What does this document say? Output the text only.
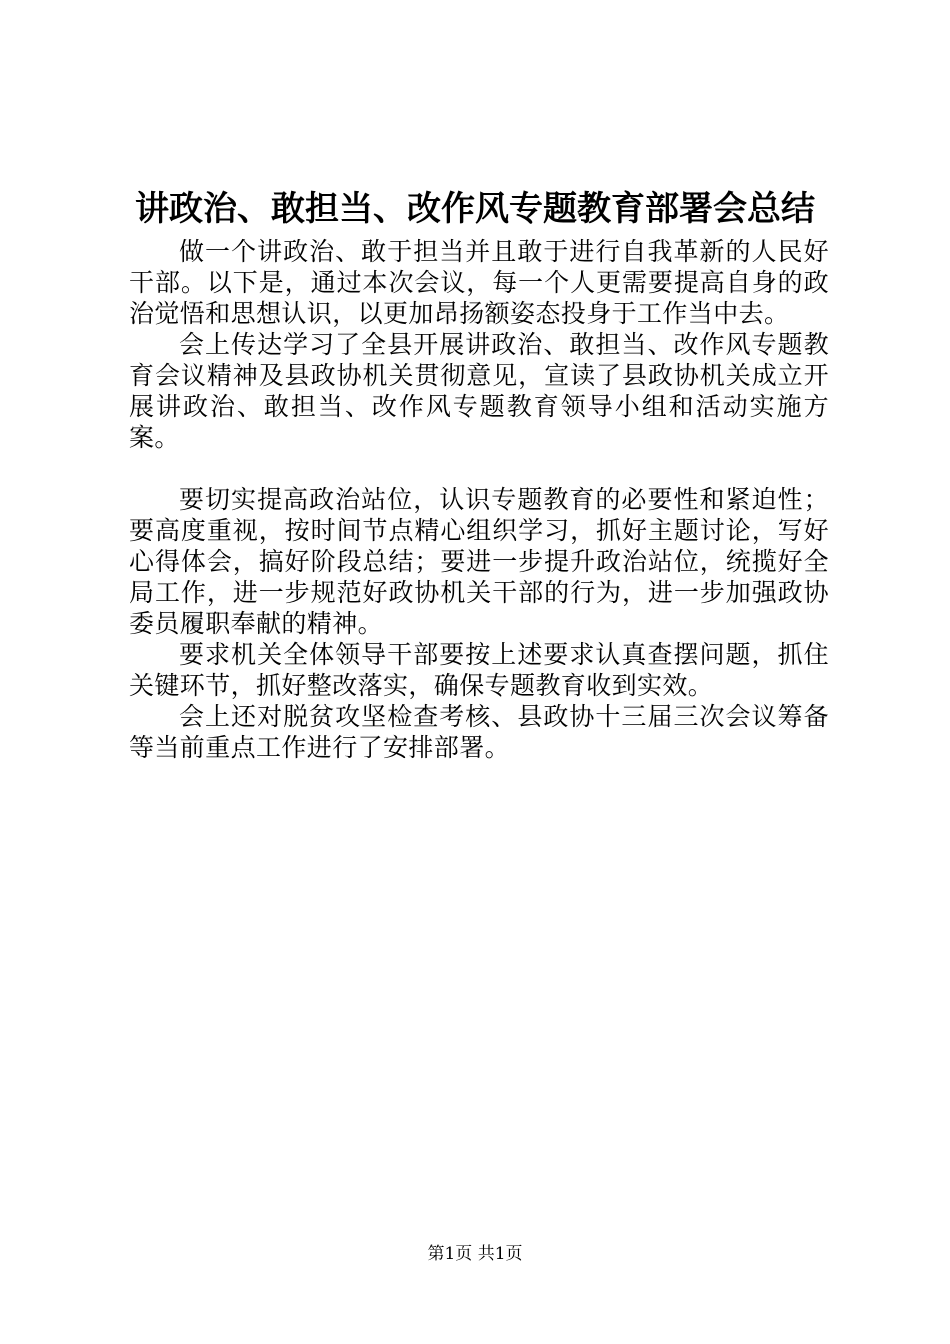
讲政治、敢担当、改作风专题教育部署会总结

做一个讲政治、敢于担当并且敢于进行自我革新的人民好干部。以下是，通过本次会议，每一个人更需要提高自身的政治觉悟和思想认识，以更加昂扬额姿态投身于工作当中去。

会上传达学习了全县开展讲政治、敢担当、改作风专题教育会议精神及县政协机关贯彻意见，宣读了县政协机关成立开展讲政治、敢担当、改作风专题教育领导小组和活动实施方案。

要切实提高政治站位，认识专题教育的必要性和紧迫性；要高度重视，按时间节点精心组织学习，抓好主题讨论，写好心得体会，搞好阶段总结；要进一步提升政治站位，统揽好全局工作，进一步规范好政协机关干部的行为，进一步加强政协委员履职奉献的精神。

要求机关全体领导干部要按上述要求认真查摆问题，抓住关键环节，抓好整改落实，确保专题教育收到实效。

会上还对脱贫攻坚检查考核、县政协十三届三次会议筹备等当前重点工作进行了安排部署。

第1页 共1页
